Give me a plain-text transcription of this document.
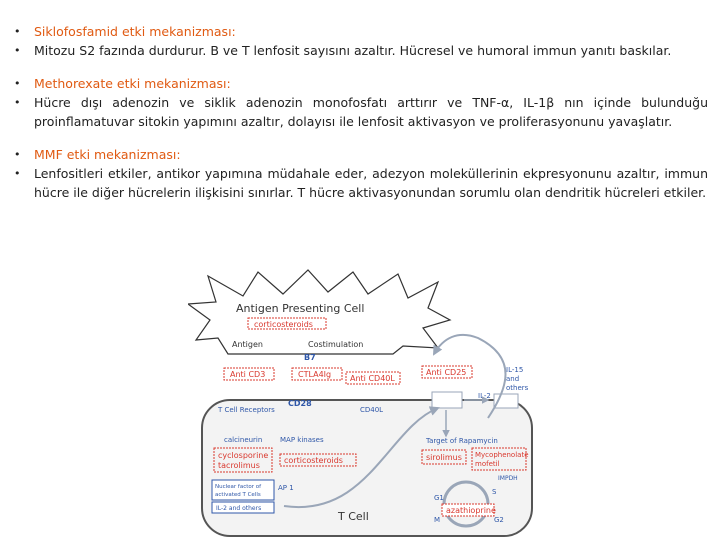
• Siklofosfamid etki mekanizması:
• Mitozu S2 fazında durdurur. B ve T lenfosit sayısını azaltır. Hücresel ve humoral immun yanıtı baskılar.
• Methorexate etki mekanizması:
• Hücre dışı adenozin ve siklik adenozin monofosfatı arttırır ve TNF-α, IL-1β nın içinde bulunduğu proinflamatuvar sitokin yapımını azaltır, dolayısı ile lenfosit aktivasyon ve proliferasyonunu yavaşlatır.
• MMF etki mekanizması:
• Lenfositleri etkiler, antikor yapımına müdahale eder, adezyon moleküllerinin ekpresyonunu azaltır, immun hücre ile diğer hücrelerin ilişkisini sınırlar. T hücre aktivasyonundan sorumlu olan dendritik hücreleri etkiler.
Antigen Presenting Cell
corticosteroids
Antigen	Costimulation
B7
Anti CD3	CTLA4Ig Anti CD40L
Anti CD25	IL-15
and
others
T Cell Receptors
CD28
CD40L
IL-2
calcineurin	MAP kinases
cyclosporine
tacrolimus
corticosteroids
Nuclear factor of
activated T Cells
AP 1
IL-2 and others
T Cell
Target of Rapamycin
sirolimus Mycophenolate
mofetil
IMPDH
G1
S
M	G2
azathioprine
